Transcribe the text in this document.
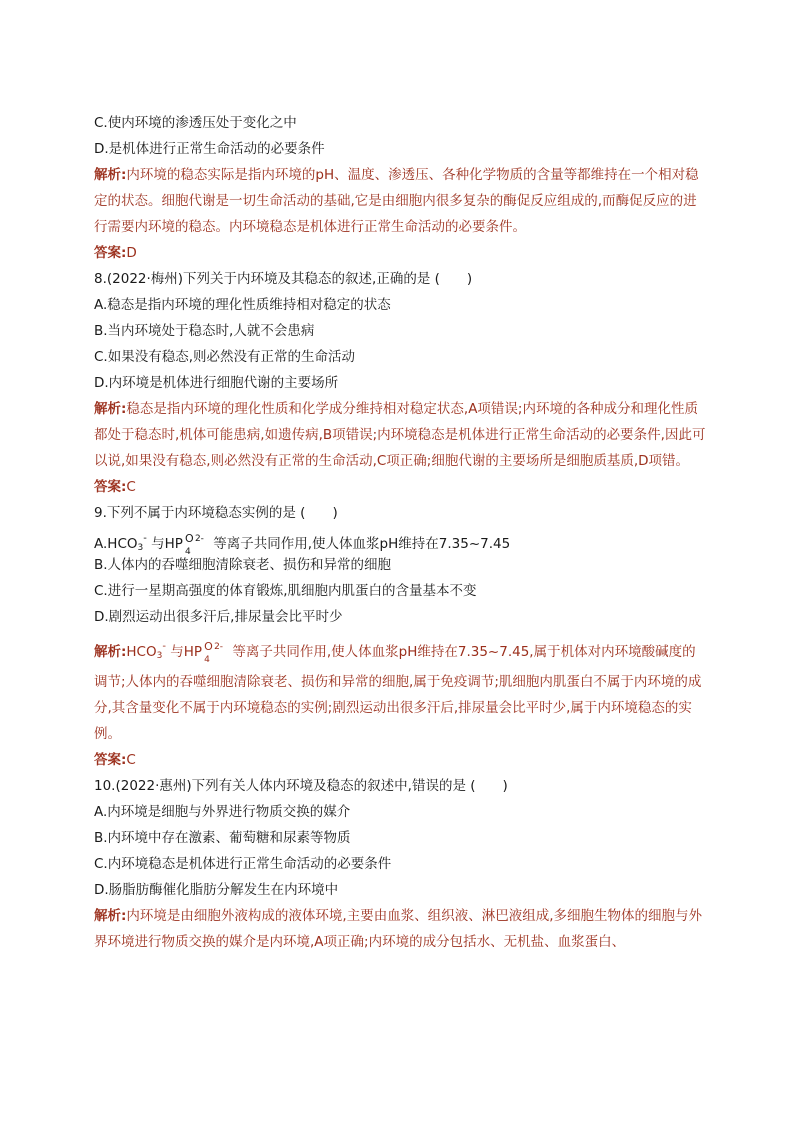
C.使内环境的渗透压处于变化之中
D.是机体进行正常生命活动的必要条件

解析:内环境的稳态实际是指内环境的pH、温度、渗透压、各种化学物质的含量等都维持在一个相对稳定的状态。细胞代谢是一切生命活动的基础,它是由细胞内很多复杂的酶促反应组成的,而酶促反应的进行需要内环境的稳态。内环境稳态是机体进行正常生命活动的必要条件。

答案:D
8.(2022·梅州)下列关于内环境及其稳态的叙述,正确的是 (　　)
A.稳态是指内环境的理化性质维持相对稳定的状态
B.当内环境处于稳态时,人就不会患病
C.如果没有稳态,则必然没有正常的生命活动
D.内环境是机体进行细胞代谢的主要场所

解析:稳态是指内环境的理化性质和化学成分维持相对稳定状态,A项错误;内环境的各种成分和理化性质都处于稳态时,机体可能患病,如遗传病,B项错误;内环境稳态是机体进行正常生命活动的必要条件,因此可以说,如果没有稳态,则必然没有正常的生命活动,C项正确;细胞代谢的主要场所是细胞质基质,D项错。

答案:C
9.下列不属于内环境稳态实例的是 (　　)
A.HCO3- 与HP O
4
2- 等离子共同作用,使人体血浆pH维持在7.35~7.45
B.人体内的吞噬细胞清除衰老、损伤和异常的细胞
C.进行一星期高强度的体育锻炼,肌细胞内肌蛋白的含量基本不变
D.剧烈运动出很多汗后,排尿量会比平时少

解析:HCO3- 与HP O
4
2- 等离子共同作用,使人体血浆pH维持在7.35~7.45,属于机体对内环境酸碱度的调节;人体内的吞噬细胞清除衰老、损伤和异常的细胞,属于免疫调节;肌细胞内肌蛋白不属于内环境的成分,其含量变化不属于内环境稳态的实例;剧烈运动出很多汗后,排尿量会比平时少,属于内环境稳态的实例。

答案:C
10.(2022·惠州)下列有关人体内环境及稳态的叙述中,错误的是 (　　)
A.内环境是细胞与外界进行物质交换的媒介
B.内环境中存在激素、葡萄糖和尿素等物质
C.内环境稳态是机体进行正常生命活动的必要条件
D.肠脂肪酶催化脂肪分解发生在内环境中

解析:内环境是由细胞外液构成的液体环境,主要由血浆、组织液、淋巴液组成,多细胞生物体的细胞与外界环境进行物质交换的媒介是内环境,A项正确;内环境的成分包括水、无机盐、血浆蛋白、
